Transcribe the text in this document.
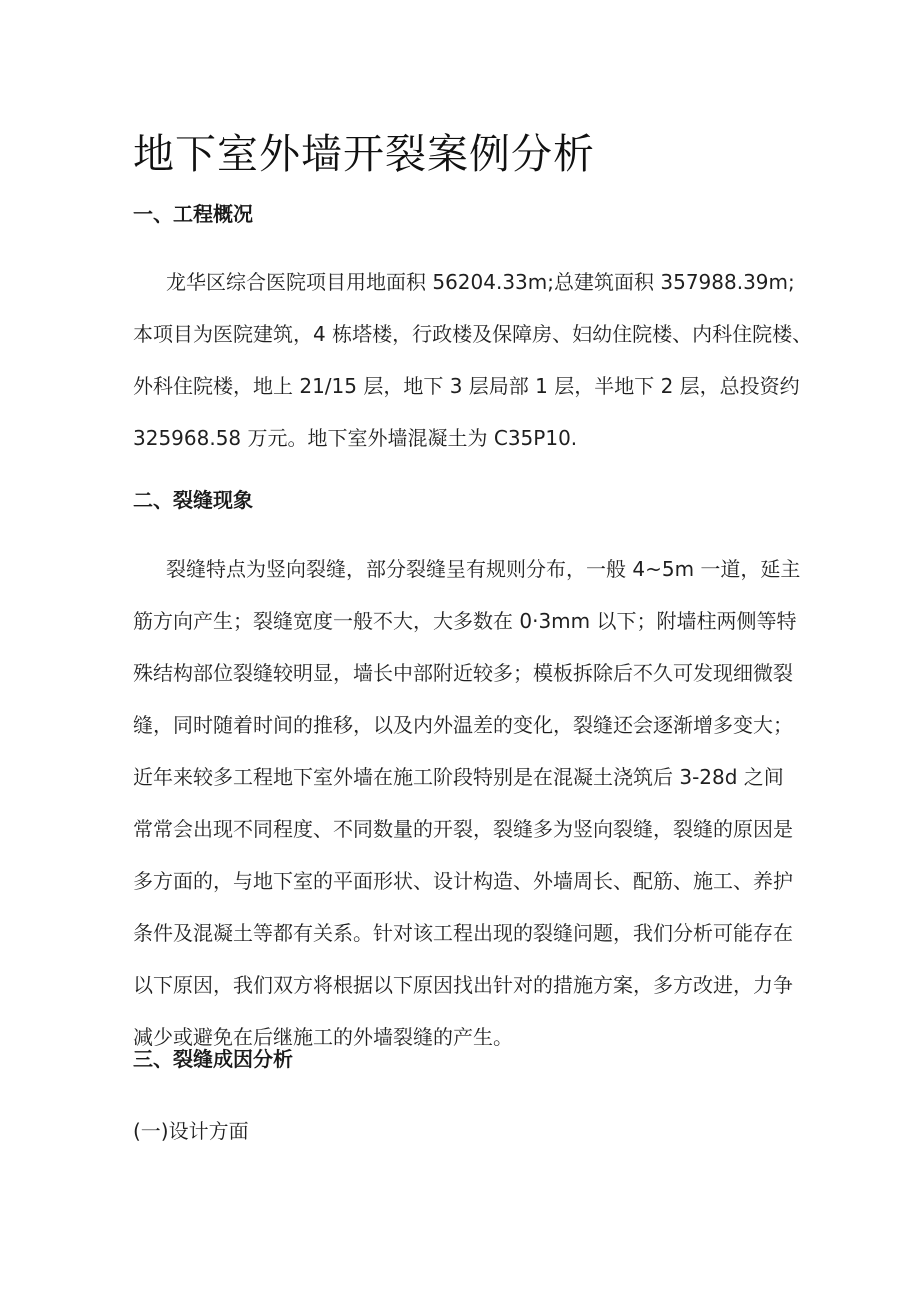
地下室外墙开裂案例分析
一、工程概况
龙华区综合医院项目用地面积 56204.33m;总建筑面积 357988.39m;
本项目为医院建筑，4 栋塔楼，行政楼及保障房、妇幼住院楼、内科住院楼、
外科住院楼，地上 21/15 层，地下 3 层局部 1 层，半地下 2 层，总投资约
325968.58 万元。地下室外墙混凝土为 C35P10.
二、裂缝现象
裂缝特点为竖向裂缝，部分裂缝呈有规则分布，一般 4~5m 一道，延主
筋方向产生；裂缝宽度一般不大，大多数在 0·3mm 以下；附墙柱两侧等特
殊结构部位裂缝较明显，墙长中部附近较多；模板拆除后不久可发现细微裂
缝，同时随着时间的推移，以及内外温差的变化，裂缝还会逐渐增多变大；
近年来较多工程地下室外墙在施工阶段特别是在混凝土浇筑后 3-28d 之间
常常会出现不同程度、不同数量的开裂，裂缝多为竖向裂缝，裂缝的原因是
多方面的，与地下室的平面形状、设计构造、外墙周长、配筋、施工、养护
条件及混凝土等都有关系。针对该工程出现的裂缝问题，我们分析可能存在
以下原因，我们双方将根据以下原因找出针对的措施方案，多方改进，力争
减少或避免在后继施工的外墙裂缝的产生。
三、裂缝成因分析

(一)设计方面
